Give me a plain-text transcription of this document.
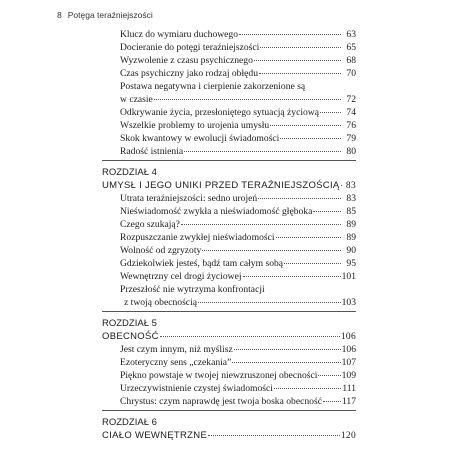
8 Potęga teraźniejszości
Klucz do wymiaru duchowego	63
Docieranie do potęgi teraźniejszości	65
Wyzwolenie z czasu psychicznego	68
Czas psychiczny jako rodzaj obłędu	70
Postawa negatywna i cierpienie zakorzenione są
w czasie	72
Odkrywanie życia, przesłoniętego sytuacją życiową	74
Wszelkie problemy to urojenia umysłu	76
Skok kwantowy w ewolucji świadomości	79
Radość istnienia	80
ROZDZIAŁ 4
UMYSŁ I JEGO UNIKI PRZED TERAŹNIEJSZOŚCIĄ 83
Utrata teraźniejszości: sedno urojeń	83
Nieświadomość zwykła a nieświadomość głęboka	85
Czego szukają?	89
Rozpuszczanie zwykłej nieświadomości	89
Wolność od zgryzoty	90
Gdziekolwiek jesteś, bądź tam całym sobą	95
Wewnętrzny cel drogi życiowej	101
Przeszłość nie wytrzyma konfrontacji
z twoją obecnością	103
ROZDZIAŁ 5
OBECNOŚĆ	106
Jest czym innym, niż myślisz	106
Ezoteryczny sens „czekania”	107
Piękno powstaje w twojej niewzruszonej obecności	109
Urzeczywistnienie czystej świadomości	111
Chrystus: czym naprawdę jest twoja boska obecność 117
ROZDZIAŁ 6
CIAŁO WEWNĘTRZNE	120
